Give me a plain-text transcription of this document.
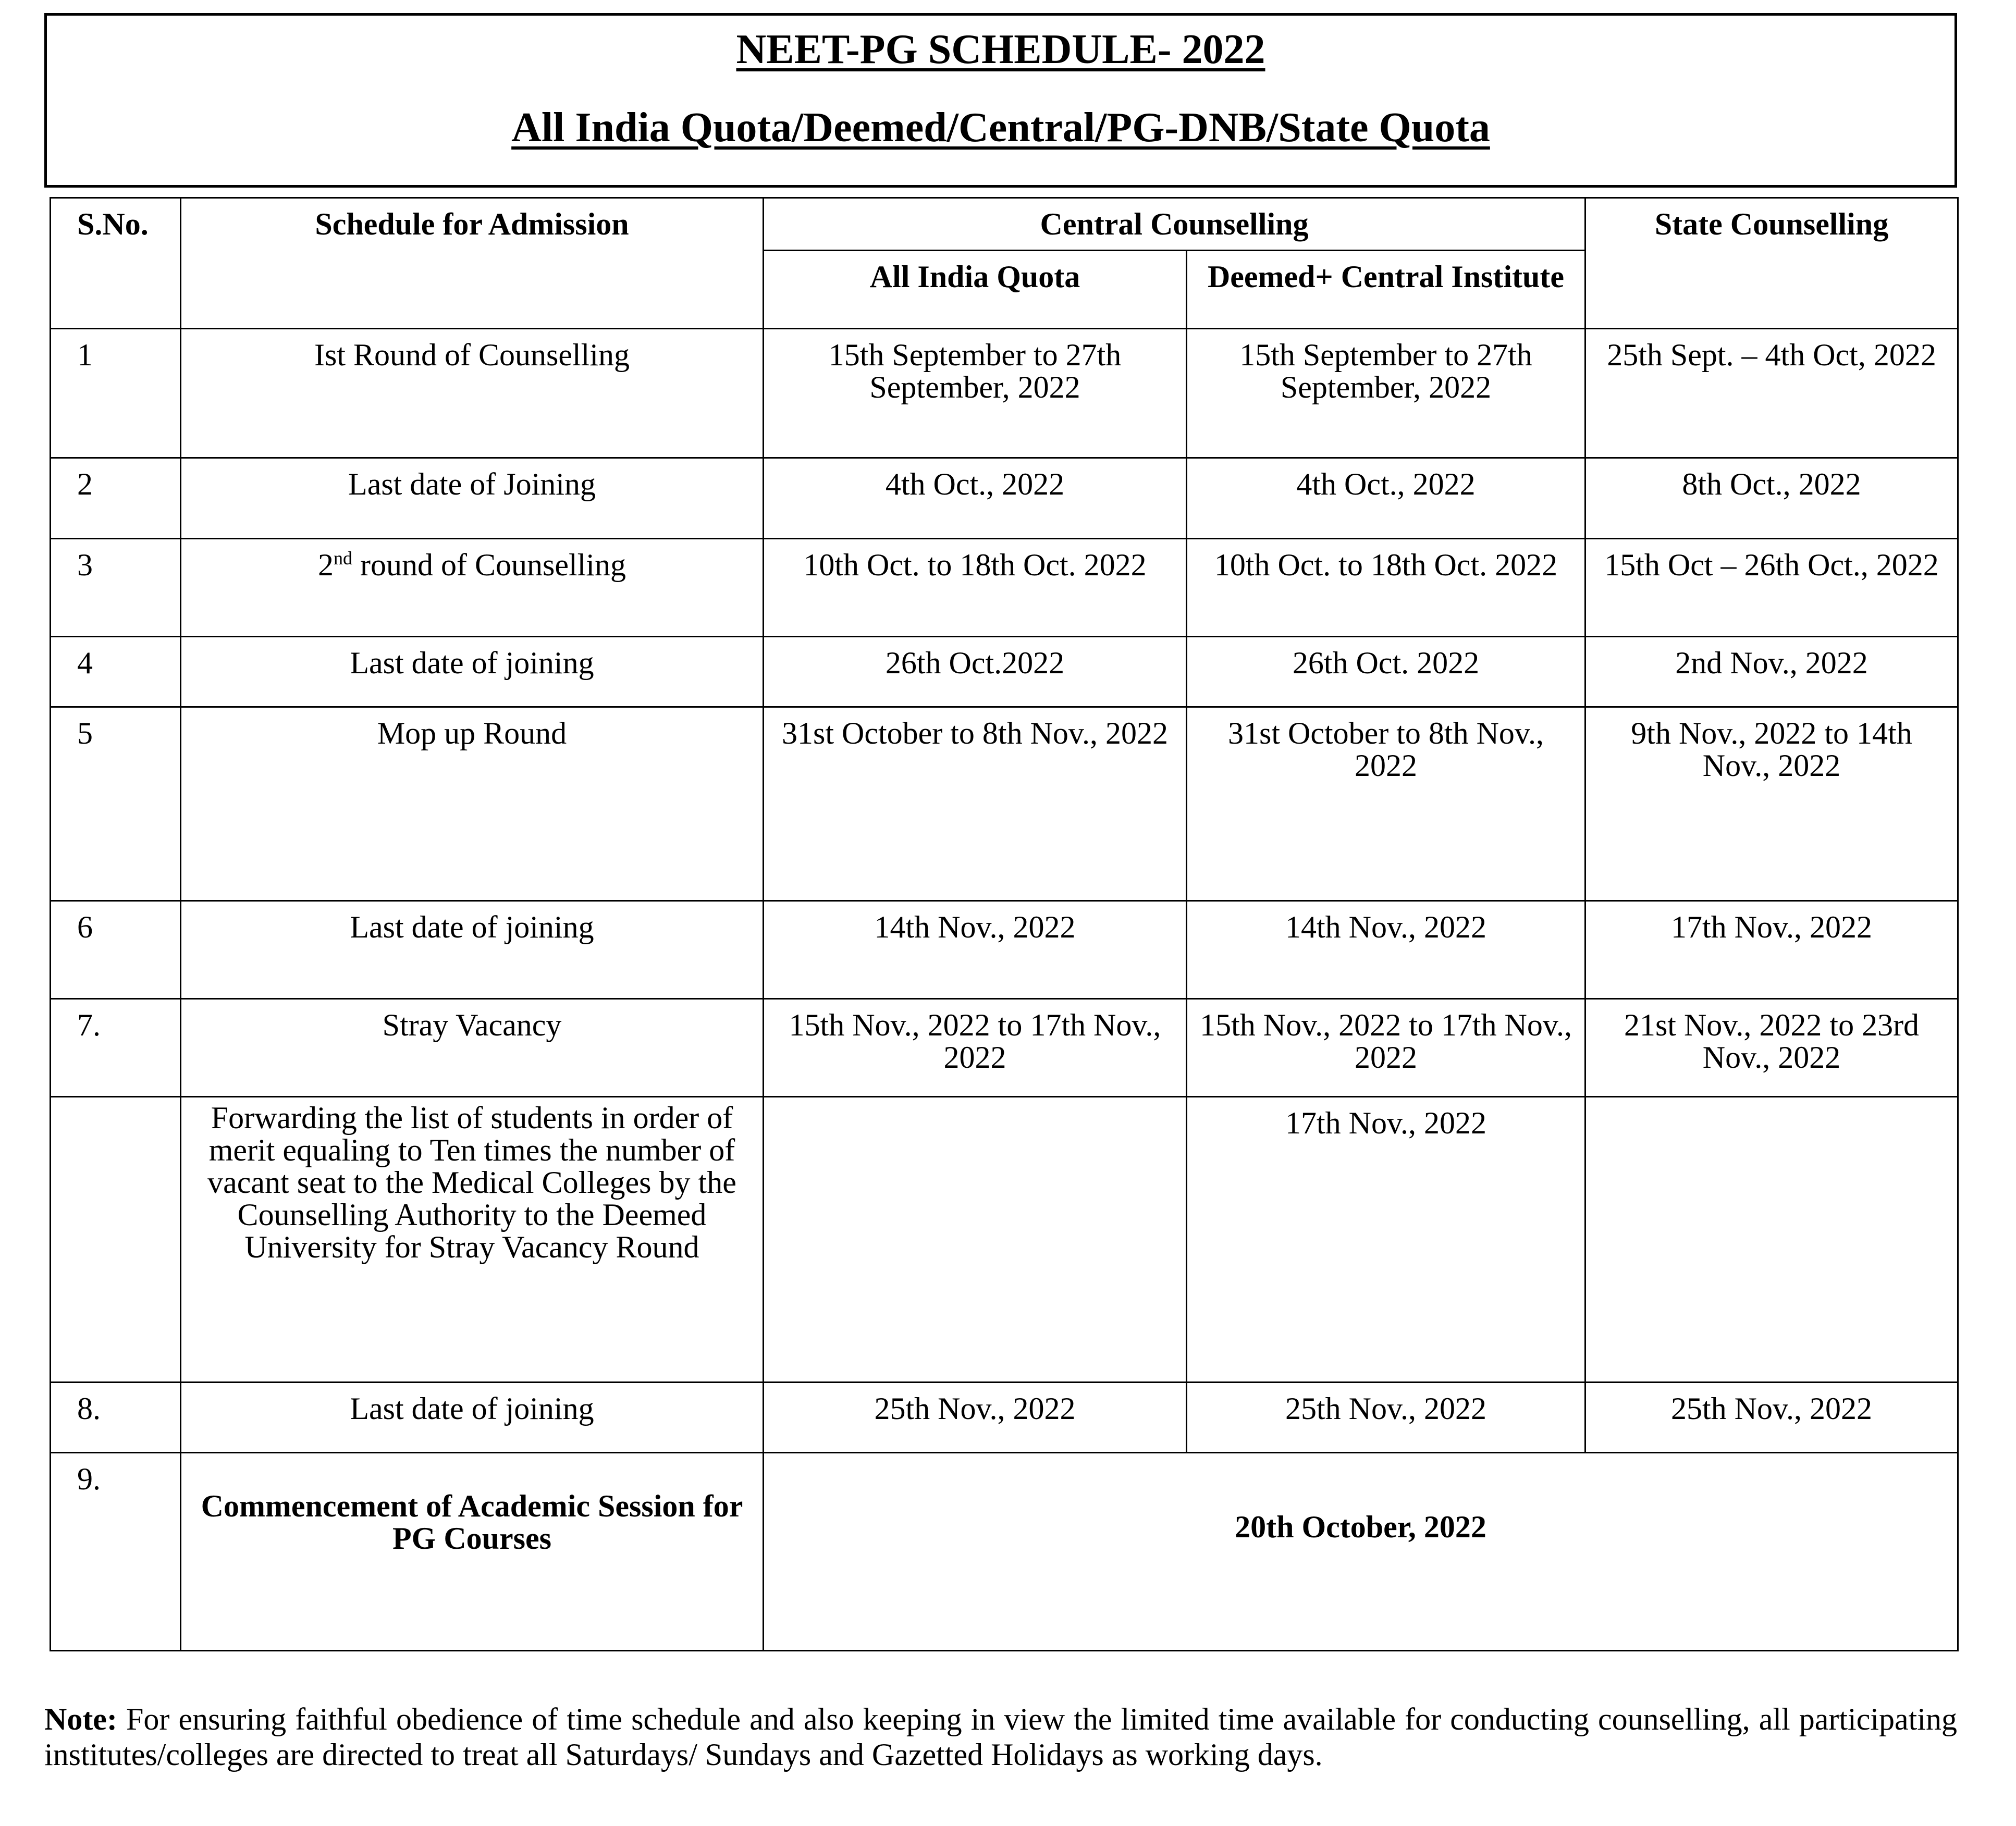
NEET-PG SCHEDULE- 2022
All India Quota/Deemed/Central/PG-DNB/State Quota
S.No.	Schedule for Admission	Central Counselling		State Counselling
		All India Quota	Deemed+ Central Institute	
1	Ist Round of Counselling	15th September to 27th September, 2022	15th September to 27th September, 2022	25th Sept. – 4th Oct, 2022
2	Last date of Joining	4th Oct., 2022	4th Oct., 2022	8th Oct., 2022
3	2nd round of Counselling	10th Oct. to 18th Oct. 2022	10th Oct. to 18th Oct. 2022	15th Oct – 26th Oct., 2022
4	Last date of joining	26th Oct.2022	26th Oct. 2022	2nd Nov., 2022
5	Mop up Round	31st October to 8th Nov., 2022	31st October to 8th Nov., 2022	9th Nov., 2022 to 14th Nov., 2022
6	Last date of joining	14th Nov., 2022	14th Nov., 2022	17th Nov., 2022
7.	Stray Vacancy	15th Nov., 2022 to 17th Nov., 2022	15th Nov., 2022 to 17th Nov., 2022	21st Nov., 2022 to 23rd Nov., 2022
	Forwarding the list of students in order of merit equaling to Ten times the number of vacant seat to the Medical Colleges by the Counselling Authority to the Deemed University for Stray Vacancy Round		17th Nov., 2022	
8.	Last date of joining	25th Nov., 2022	25th Nov., 2022	25th Nov., 2022
9.	Commencement of Academic Session for PG Courses	20th October, 2022		
Note: For ensuring faithful obedience of time schedule and also keeping in view the limited time available for conducting counselling, all participating institutes/colleges are directed to treat all Saturdays/ Sundays and Gazetted Holidays as working days.
